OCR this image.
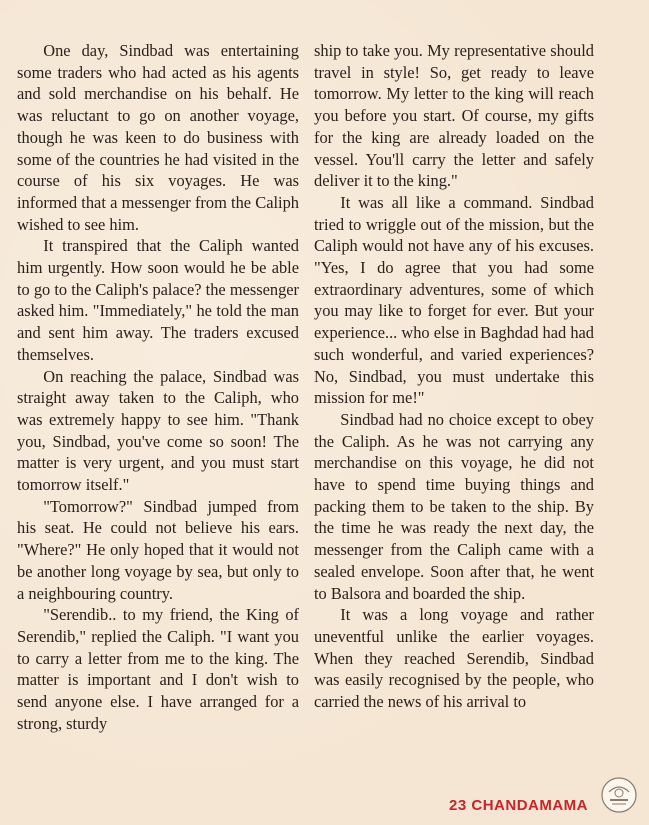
One day, Sindbad was entertaining some traders who had acted as his agents and sold merchandise on his behalf. He was reluctant to go on another voyage, though he was keen to do business with some of the countries he had visited in the course of his six voyages. He was informed that a messenger from the Caliph wished to see him.

It transpired that the Caliph wanted him urgently. How soon would he be able to go to the Caliph's palace? the messenger asked him. "Immediately," he told the man and sent him away. The traders excused themselves.

On reaching the palace, Sindbad was straight away taken to the Caliph, who was extremely happy to see him. "Thank you, Sindbad, you've come so soon! The matter is very urgent, and you must start tomorrow itself."

"Tomorrow?" Sindbad jumped from his seat. He could not believe his ears. "Where?" He only hoped that it would not be another long voyage by sea, but only to a neighbouring country.

"Serendib.. to my friend, the King of Serendib," replied the Caliph. "I want you to carry a letter from me to the king. The matter is important and I don't wish to send anyone else. I have arranged for a strong, sturdy

ship to take you. My representative should travel in style! So, get ready to leave tomorrow. My letter to the king will reach you before you start. Of course, my gifts for the king are already loaded on the vessel. You'll carry the letter and safely deliver it to the king."

It was all like a command. Sindbad tried to wriggle out of the mission, but the Caliph would not have any of his excuses. "Yes, I do agree that you had some extraordinary adventures, some of which you may like to forget for ever. But your experience... who else in Baghdad had had such wonderful, and varied experiences? No, Sindbad, you must undertake this mission for me!"

Sindbad had no choice except to obey the Caliph. As he was not carrying any merchandise on this voyage, he did not have to spend time buying things and packing them to be taken to the ship. By the time he was ready the next day, the messenger from the Caliph came with a sealed envelope. Soon after that, he went to Balsora and boarded the ship.

It was a long voyage and rather uneventful unlike the earlier voyages. When they reached Serendib, Sindbad was easily recognised by the people, who carried the news of his arrival to

23 CHANDAMAMA
